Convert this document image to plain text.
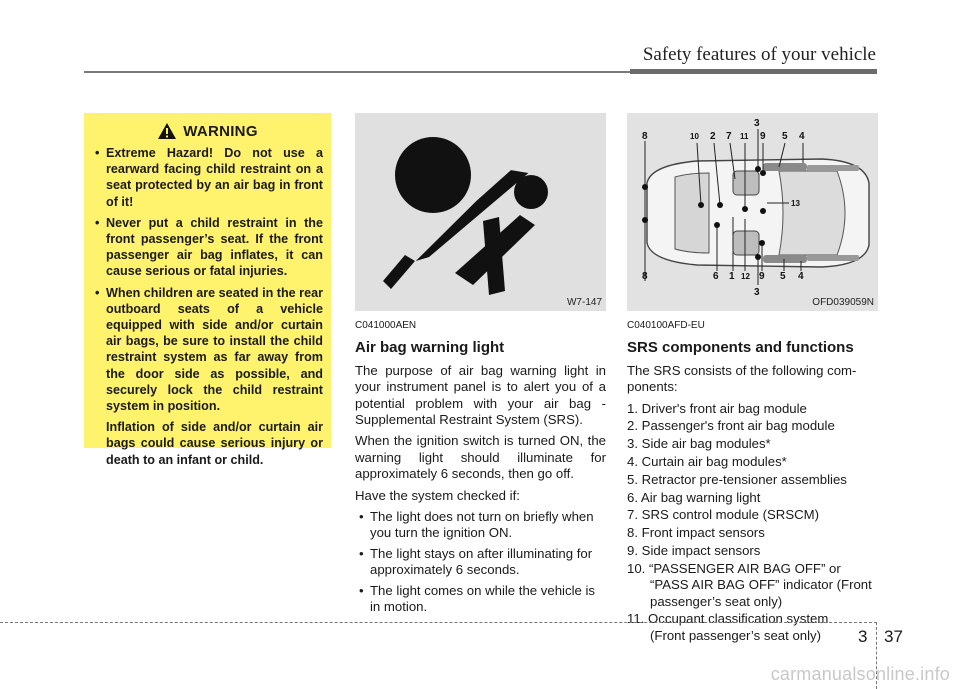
Safety features of your vehicle
WARNING
• Extreme Hazard! Do not use a rearward facing child restraint on a seat protected by an air bag in front of it!
• Never put a child restraint in the front passenger’s seat. If the front passenger air bag inflates, it can cause serious or fatal injuries.
• When children are seated in the rear outboard seats of a vehicle equipped with side and/or curtain air bags, be sure to install the child restraint system as far away from the door side as possible, and securely lock the child restraint system in position.
Inflation of side and/or curtain air bags could cause serious injury or death to an infant or child.
W7-147
8	10 2 7 11
3
9 5 4
13
8	6 1 12 9 5 4
3
OFD039059N
C041000AEN
Air bag warning light

The purpose of air bag warning light in your instrument panel is to alert you of a potential problem with your air bag - Supplemental Restraint System (SRS).

When the ignition switch is turned ON, the warning light should illuminate for approximately 6 seconds, then go off.

Have the system checked if:

• The light does not turn on briefly when you turn the ignition ON.
• The light stays on after illuminating for approximately 6 seconds.
• The light comes on while the vehicle is in motion.
C040100AFD-EU
SRS components and functions

The SRS consists of the following com-ponents:

1. Driver's front air bag module
2. Passenger's front air bag module
3. Side air bag modules*
4. Curtain air bag modules*
5. Retractor pre-tensioner assemblies
6. Air bag warning light
7. SRS control module (SRSCM)
8. Front impact sensors
9. Side impact sensors
10. “PASSENGER AIR BAG OFF” or
“PASS AIR BAG OFF” indicator (Front passenger’s seat only)
11. Occupant classification system
(Front passenger’s seat only)	3 37
carmanualsonline.info
